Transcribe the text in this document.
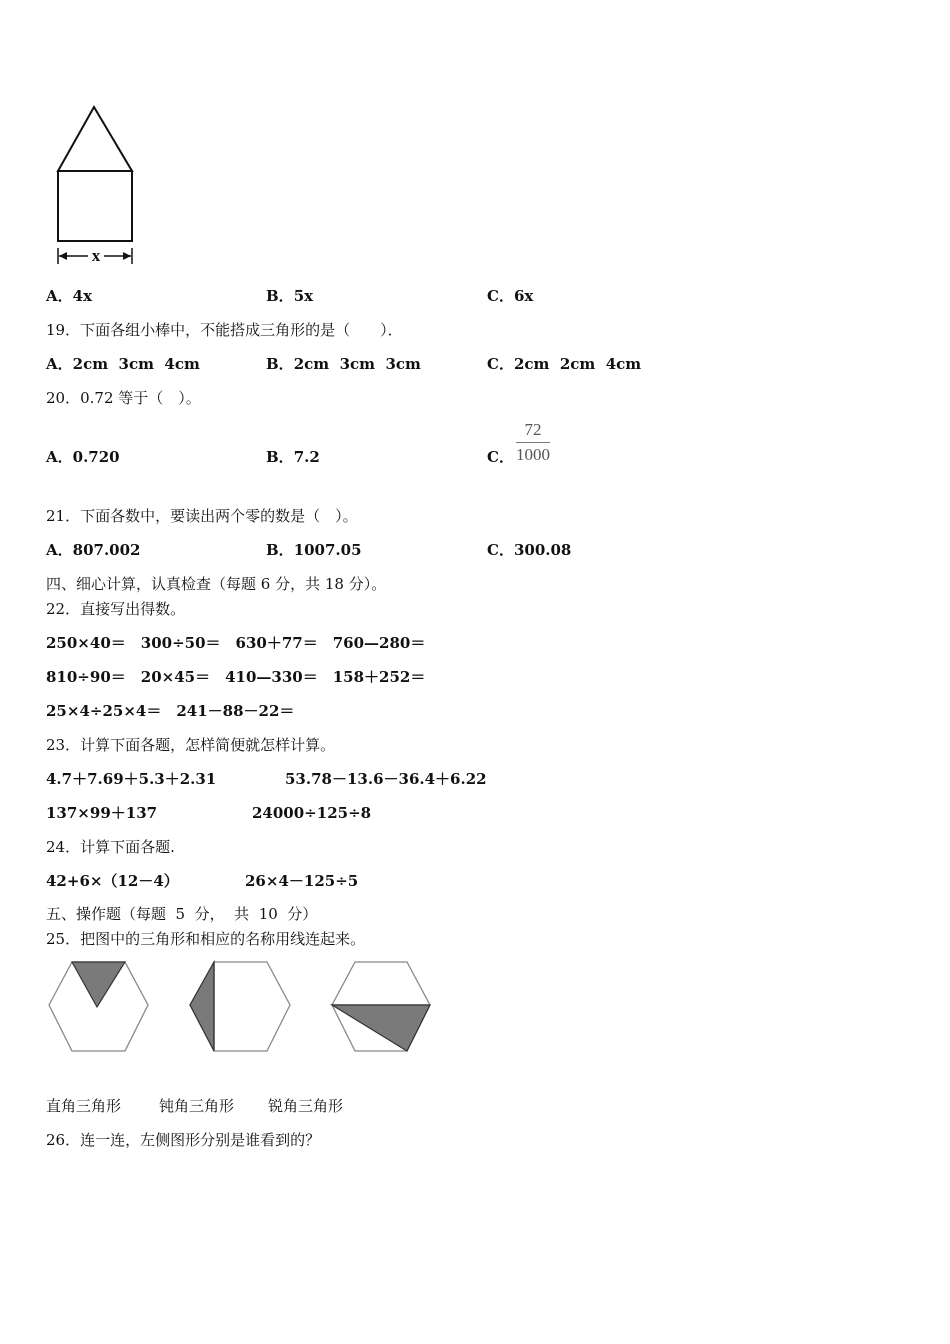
x
A．4x	B．5x	C．6x
19．下面各组小棒中，不能搭成三角形的是（　　）．
A．2cm  3cm  4cm	B．2cm  3cm  3cm	C．2cm  2cm  4cm
20．0.72 等于（　）。
A．0.720	B．7.2	C． $\frac{72}{1000}$
21．下面各数中，要读出两个零的数是（　）。
A．807.002	B．1007.05	C．300.08
四、细心计算，认真检查（每题 6 分，共 18 分）。
22．直接写出得数。
250×40＝　300÷50＝　630＋77＝　760—280＝
810÷90＝　20×45＝　410—330＝　158＋252＝
25×4÷25×4＝　241－88－22＝
23．计算下面各题，怎样简便就怎样计算。
4.7＋7.69＋5.3＋2.31	53.78－13.6－36.4＋6.22
137×99＋137	24000÷125÷8
24．计算下面各题.
42+6×（12－4）	26×4－125÷5
五、操作题（每题  5  分，  共  10  分）
25．把图中的三角形和相应的名称用线连起来。
直角三角形	钝角三角形 锐角三角形
26．连一连，左侧图形分别是谁看到的？
